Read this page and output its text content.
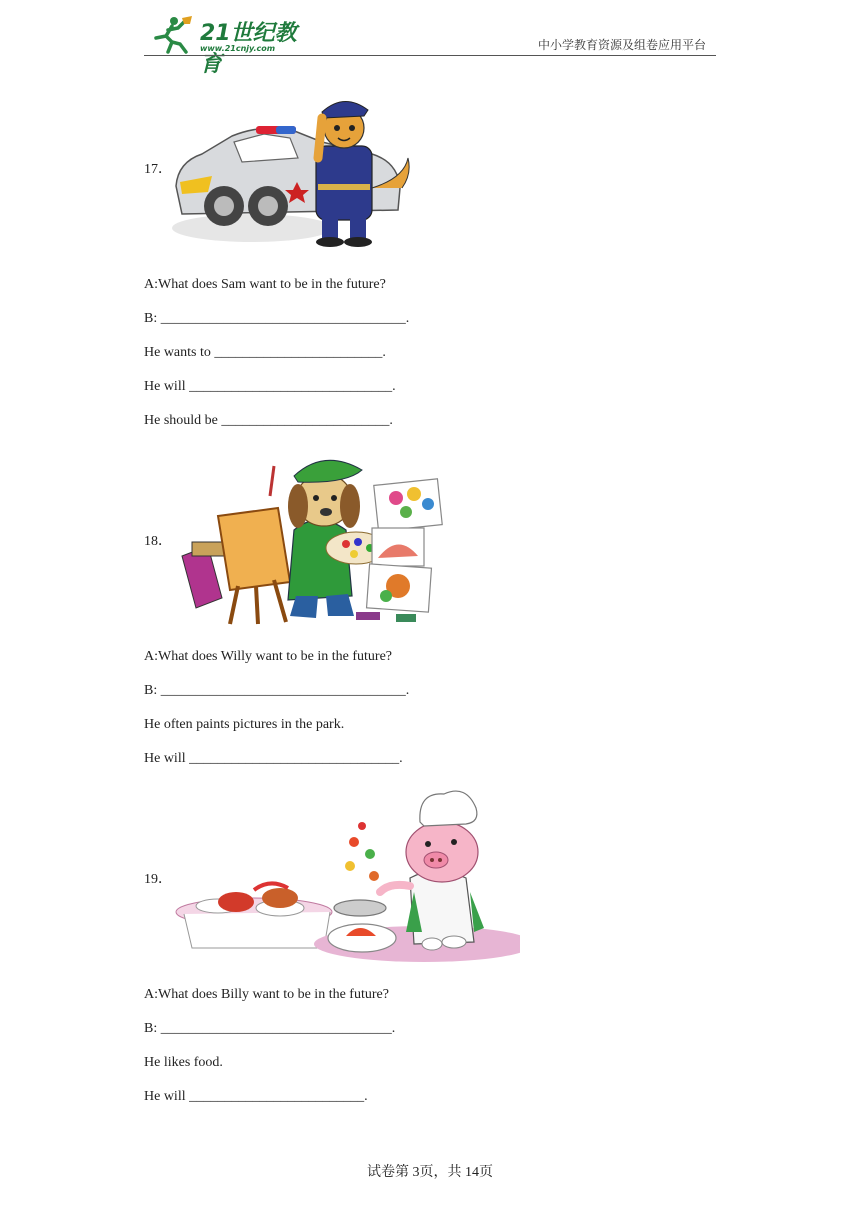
21世纪教育
www.21cnjy.com	中小学教育资源及组卷应用平台
17．
A:What does Sam want to be in the future?
B: ___________________________________.
He wants to ________________________.
He will _____________________________.
He should be ________________________.
18．
A:What does Willy want to be in the future?
B: ___________________________________.
He often paints pictures in the park.
He will ______________________________.
19．
A:What does Billy want to be in the future?
B: _________________________________.
He likes food.
He will _________________________.
试卷第 3页，共 14页
